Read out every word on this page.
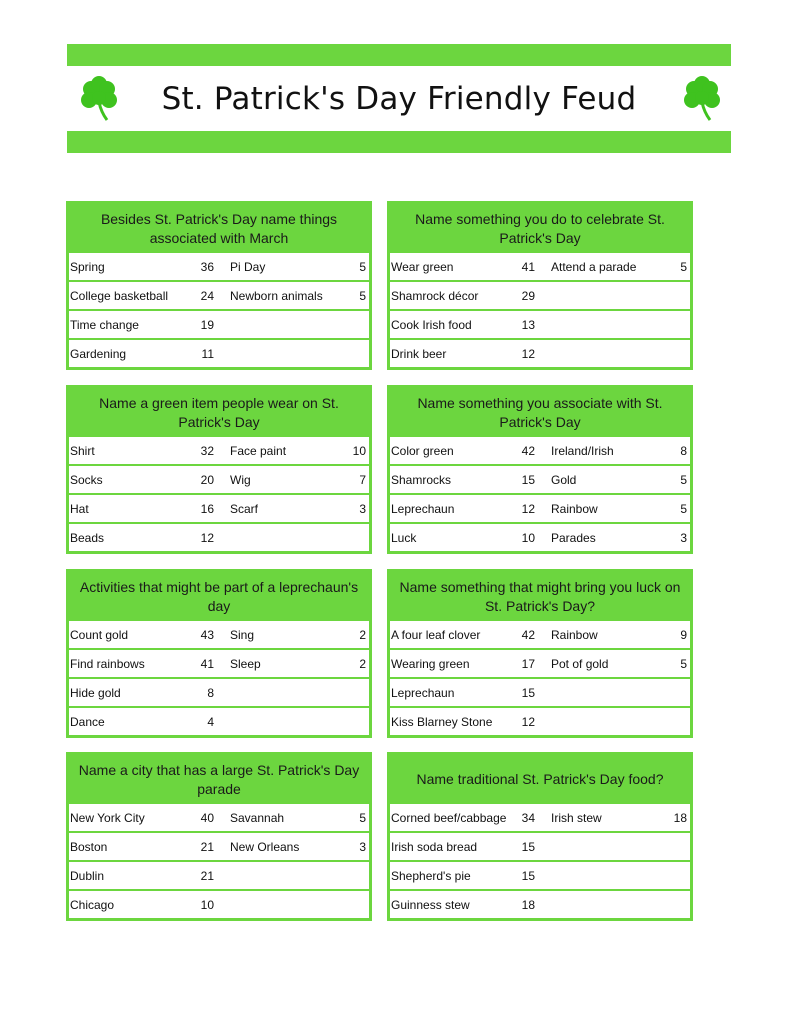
St. Patrick's Day Friendly Feud
Besides St. Patrick's Day name things associated with March
Spring	36	Pi Day	5
College basketball	24	Newborn animals	5
Time change	19
Gardening	11
Name something you do to celebrate St. Patrick's Day
Wear green	41	Attend a parade	5
Shamrock décor	29
Cook Irish food	13
Drink beer	12
Name a green item people wear on St. Patrick's Day
Shirt	32	Face paint	10
Socks	20	Wig	7
Hat	16	Scarf	3
Beads	12
Name something you associate with St. Patrick's Day
Color green	42	Ireland/Irish	8
Shamrocks	15	Gold	5
Leprechaun	12	Rainbow	5
Luck	10	Parades	3
Activities that might be part of a leprechaun's day
Count gold	43	Sing	2
Find rainbows	41	Sleep	2
Hide gold	8
Dance	4
Name something that might bring you luck on St. Patrick's Day?
A four leaf clover	42	Rainbow	9
Wearing green	17	Pot of gold	5
Leprechaun	15
Kiss Blarney Stone	12
Name a city that has a large St. Patrick's Day parade
New York City	40	Savannah	5
Boston	21	New Orleans	3
Dublin	21
Chicago	10
Name traditional St. Patrick's Day food?
Corned beef/cabbage	34	Irish stew	18
Irish soda bread	15
Shepherd's pie	15
Guinness stew	18
